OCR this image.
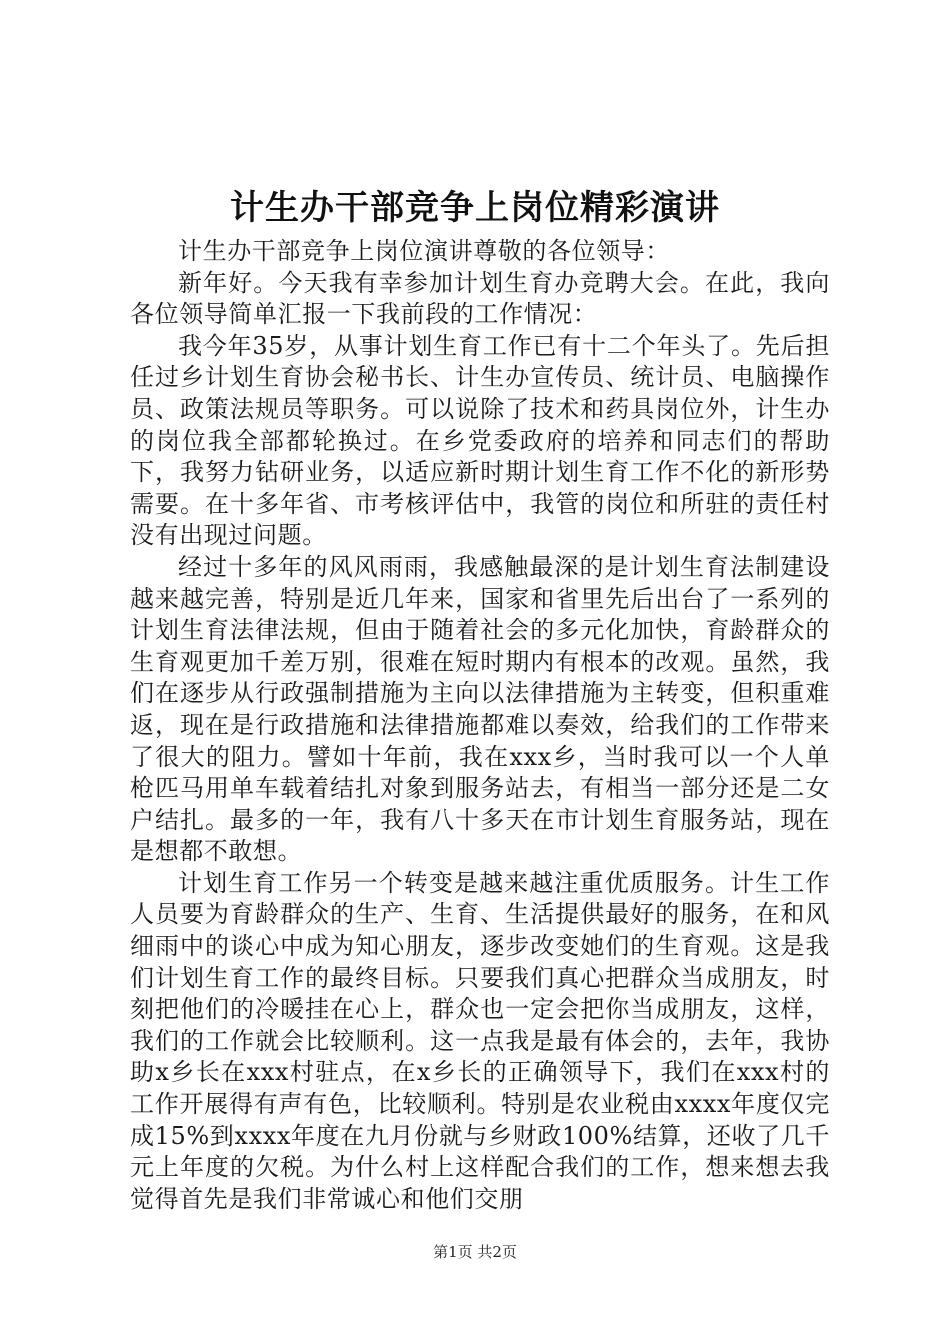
计生办干部竞争上岗位精彩演讲

计生办干部竞争上岗位演讲尊敬的各位领导：

新年好。今天我有幸参加计划生育办竞聘大会。在此，我向各位领导简单汇报一下我前段的工作情况：

我今年35岁，从事计划生育工作已有十二个年头了。先后担任过乡计划生育协会秘书长、计生办宣传员、统计员、电脑操作员、政策法规员等职务。可以说除了技术和药具岗位外，计生办的岗位我全部都轮换过。在乡党委政府的培养和同志们的帮助下，我努力钻研业务，以适应新时期计划生育工作不化的新形势需要。在十多年省、市考核评估中，我管的岗位和所驻的责任村没有出现过问题。

经过十多年的风风雨雨，我感触最深的是计划生育法制建设越来越完善，特别是近几年来，国家和省里先后出台了一系列的计划生育法律法规，但由于随着社会的多元化加快，育龄群众的生育观更加千差万别，很难在短时期内有根本的改观。虽然，我们在逐步从行政强制措施为主向以法律措施为主转变，但积重难返，现在是行政措施和法律措施都难以奏效，给我们的工作带来了很大的阻力。譬如十年前，我在xxx乡，当时我可以一个人单枪匹马用单车载着结扎对象到服务站去，有相当一部分还是二女户结扎。最多的一年，我有八十多天在市计划生育服务站，现在是想都不敢想。

计划生育工作另一个转变是越来越注重优质服务。计生工作人员要为育龄群众的生产、生育、生活提供最好的服务，在和风细雨中的谈心中成为知心朋友，逐步改变她们的生育观。这是我们计划生育工作的最终目标。只要我们真心把群众当成朋友，时刻把他们的冷暖挂在心上，群众也一定会把你当成朋友，这样，我们的工作就会比较顺利。这一点我是最有体会的，去年，我协助x乡长在xxx村驻点，在x乡长的正确领导下，我们在xxx村的工作开展得有声有色，比较顺利。特别是农业税由xxxx年度仅完成15%到xxxx年度在九月份就与乡财政100%结算，还收了几千元上年度的欠税。为什么村上这样配合我们的工作，想来想去我觉得首先是我们非常诚心和他们交朋

第1页 共2页
